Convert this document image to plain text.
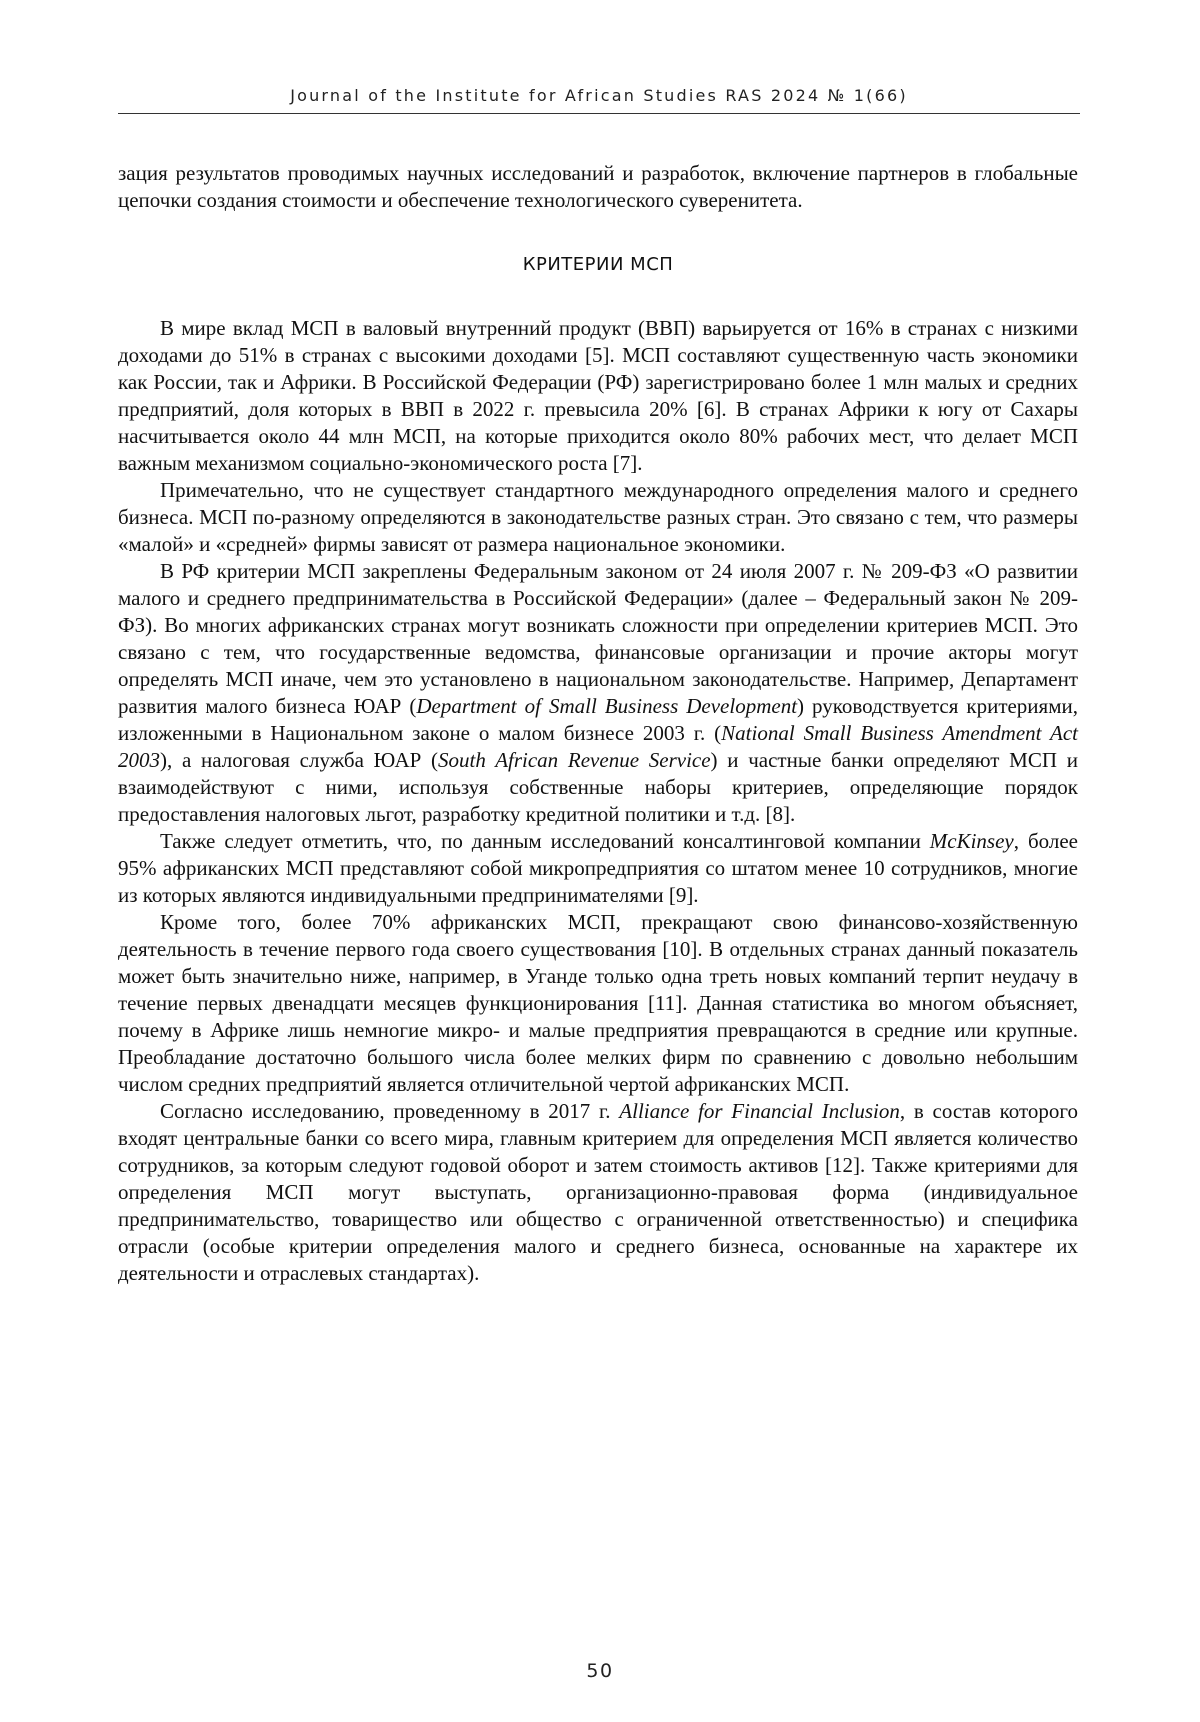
Journal of the Institute for African Studies RAS 2024 № 1(66)

зация результатов проводимых научных исследований и разработок, включение партнеров в глобальные цепочки создания стоимости и обеспечение технологического суверенитета.

КРИТЕРИИ МСП

В мире вклад МСП в валовый внутренний продукт (ВВП) варьируется от 16% в странах с низкими доходами до 51% в странах с высокими доходами [5]. МСП составляют существенную часть экономики как России, так и Африки. В Российской Федерации (РФ) зарегистрировано более 1 млн малых и средних предприятий, доля которых в ВВП в 2022 г. превысила 20% [6]. В странах Африки к югу от Сахары насчитывается около 44 млн МСП, на которые приходится около 80% рабочих мест, что делает МСП важным механизмом социально-экономического роста [7].

Примечательно, что не существует стандартного международного определения малого и среднего бизнеса. МСП по-разному определяются в законодательстве разных стран. Это связано с тем, что размеры «малой» и «средней» фирмы зависят от размера национальное экономики.

В РФ критерии МСП закреплены Федеральным законом от 24 июля 2007 г. № 209-ФЗ «О развитии малого и среднего предпринимательства в Российской Федерации» (далее – Федеральный закон № 209-ФЗ). Во многих африканских странах могут возникать сложности при определении критериев МСП. Это связано с тем, что государственные ведомства, финансовые организации и прочие акторы могут определять МСП иначе, чем это установлено в национальном законодательстве. Например, Департамент развития малого бизнеса ЮАР (Department of Small Business Development) руководствуется критериями, изложенными в Национальном законе о малом бизнесе 2003 г. (National Small Business Amendment Act 2003), а налоговая служба ЮАР (South African Revenue Service) и частные банки определяют МСП и взаимодействуют с ними, используя собственные наборы критериев, определяющие порядок предоставления налоговых льгот, разработку кредитной политики и т.д. [8].

Также следует отметить, что, по данным исследований консалтинговой компании McKinsey, более 95% африканских МСП представляют собой микропредприятия со штатом менее 10 сотрудников, многие из которых являются индивидуальными предпринимателями [9].

Кроме того, более 70% африканских МСП, прекращают свою финансово-хозяйственную деятельность в течение первого года своего существования [10]. В отдельных странах данный показатель может быть значительно ниже, например, в Уганде только одна треть новых компаний терпит неудачу в течение первых двенадцати месяцев функционирования [11]. Данная статистика во многом объясняет, почему в Африке лишь немногие микро- и малые предприятия превращаются в средние или крупные. Преобладание достаточно большого числа более мелких фирм по сравнению с довольно небольшим числом средних предприятий является отличительной чертой африканских МСП.

Согласно исследованию, проведенному в 2017 г. Alliance for Financial Inclusion, в состав которого входят центральные банки со всего мира, главным критерием для определения МСП является количество сотрудников, за которым следуют годовой оборот и затем стоимость активов [12]. Также критериями для определения МСП могут выступать, организационно-правовая форма (индивидуальное предпринимательство, товарищество или общество с ограниченной ответственностью) и специфика отрасли (особые критерии определения малого и среднего бизнеса, основанные на характере их деятельности и отраслевых стандартах).

50
